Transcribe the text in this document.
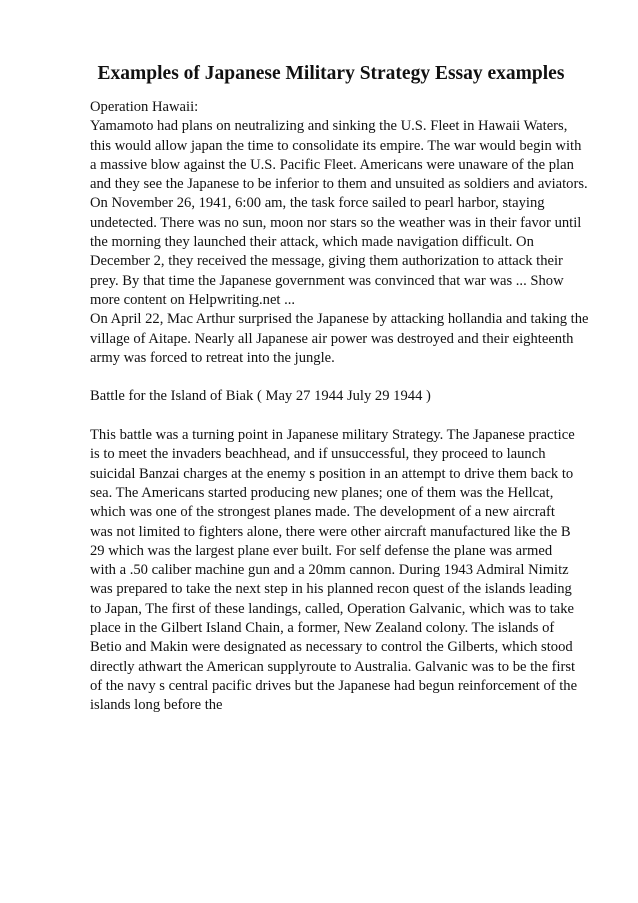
Examples of Japanese Military Strategy Essay examples
Operation Hawaii:
Yamamoto had plans on neutralizing and sinking the U.S. Fleet in Hawaii Waters,
this would allow japan the time to consolidate its empire. The war would begin with
a massive blow against the U.S. Pacific Fleet. Americans were unaware of the plan
and they see the Japanese to be inferior to them and unsuited as soldiers and aviators.
On November 26, 1941, 6:00 am, the task force sailed to pearl harbor, staying
undetected. There was no sun, moon nor stars so the weather was in their favor until
the morning they launched their attack, which made navigation difficult. On
December 2, they received the message, giving them authorization to attack their
prey. By that time the Japanese government was convinced that war was ... Show
more content on Helpwriting.net ...
On April 22, Mac Arthur surprised the Japanese by attacking hollandia and taking the
village of Aitape. Nearly all Japanese air power was destroyed and their eighteenth
army was forced to retreat into the jungle.
Battle for the Island of Biak ( May 27 1944 July 29 1944 )
This battle was a turning point in Japanese military Strategy. The Japanese practice
is to meet the invaders beachhead, and if unsuccessful, they proceed to launch
suicidal Banzai charges at the enemy s position in an attempt to drive them back to
sea. The Americans started producing new planes; one of them was the Hellcat,
which was one of the strongest planes made. The development of a new aircraft
was not limited to fighters alone, there were other aircraft manufactured like the B
29 which was the largest plane ever built. For self defense the plane was armed
with a .50 caliber machine gun and a 20mm cannon. During 1943 Admiral Nimitz
was prepared to take the next step in his planned recon quest of the islands leading
to Japan, The first of these landings, called, Operation Galvanic, which was to take
place in the Gilbert Island Chain, a former, New Zealand colony. The islands of
Betio and Makin were designated as necessary to control the Gilberts, which stood
directly athwart the American supplyroute to Australia. Galvanic was to be the first
of the navy s central pacific drives but the Japanese had begun reinforcement of the
islands long before the
